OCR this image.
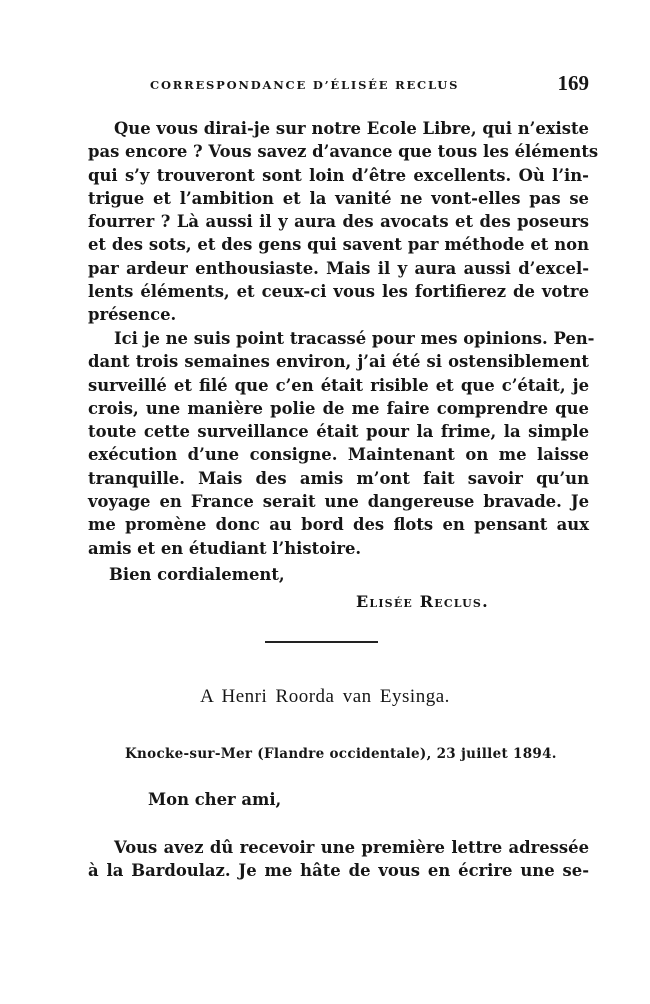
CORRESPONDANCE D’ÉLISÉE RECLUS	169
Que vous dirai-je sur notre Ecole Libre, qui n’existe
pas encore ? Vous savez d’avance que tous les éléments
qui s’y trouveront sont loin d’être excellents. Où l’in-
trigue et l’ambition et la vanité ne vont-elles pas se
fourrer ? Là aussi il y aura des avocats et des poseurs
et des sots, et des gens qui savent par méthode et non
par ardeur enthousiaste. Mais il y aura aussi d’excel-
lents éléments, et ceux-ci vous les fortifierez de votre
présence.
Ici je ne suis point tracassé pour mes opinions. Pen-
dant trois semaines environ, j’ai été si ostensiblement
surveillé et filé que c’en était risible et que c’était, je
crois, une manière polie de me faire comprendre que
toute cette surveillance était pour la frime, la simple
exécution d’une consigne. Maintenant on me laisse
tranquille. Mais des amis m’ont fait savoir qu’un
voyage en France serait une dangereuse bravade. Je
me promène donc au bord des flots en pensant aux
amis et en étudiant l’histoire.
Bien cordialement,
Elisée Reclus.
A Henri Roorda van Eysinga.
Knocke-sur-Mer (Flandre occidentale), 23 juillet 1894.
Mon cher ami,
Vous avez dû recevoir une première lettre adressée
à la Bardoulaz. Je me hâte de vous en écrire une se-
